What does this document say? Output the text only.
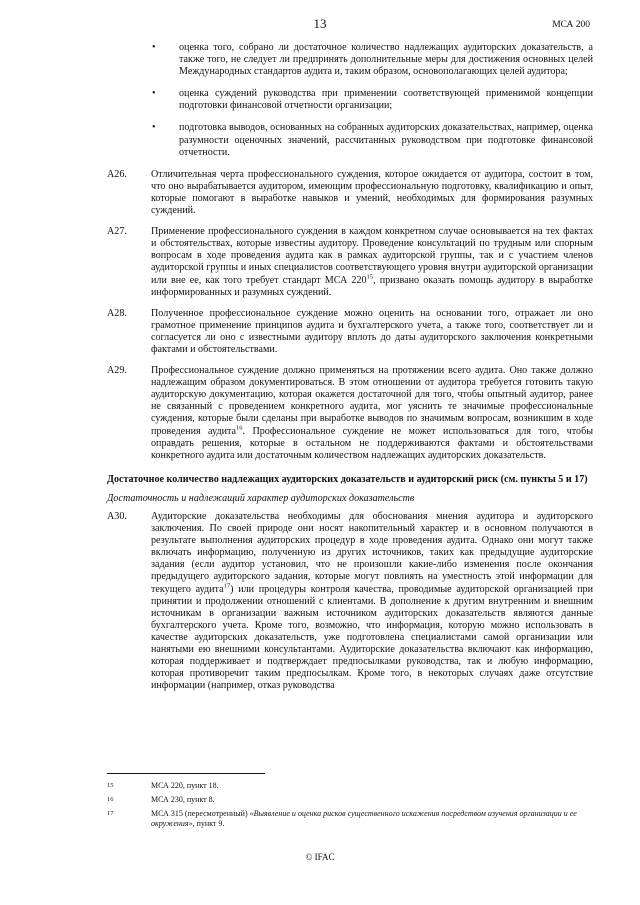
13	МСА 200
• оценка того, собрано ли достаточное количество надлежащих аудиторских доказательств, а также того, не следует ли предпринять дополнительные меры для достижения основных целей Международных стандартов аудита и, таким образом, основополагающих целей аудитора;
• оценка суждений руководства при применении соответствующей применимой концепции подготовки финансовой отчетности организации;
• подготовка выводов, основанных на собранных аудиторских доказательствах, например, оценка разумности оценочных значений, рассчитанных руководством при подготовке финансовой отчетности.
A26. Отличительная черта профессионального суждения, которое ожидается от аудитора, состоит в том, что оно вырабатывается аудитором, имеющим профессиональную подготовку, квалификацию и опыт, которые помогают в выработке навыков и умений, необходимых для формирования разумных суждений.
A27. Применение профессионального суждения в каждом конкретном случае основывается на тех фактах и обстоятельствах, которые известны аудитору. Проведение консультаций по трудным или спорным вопросам в ходе проведения аудита как в рамках аудиторской группы, так и с участием членов аудиторской группы и иных специалистов соответствующего уровня внутри аудиторской организации или вне ее, как того требует стандарт МСА $220^{15}$, призвано оказать помощь аудитору в выработке информированных и разумных суждений.
A28. Полученное профессиональное суждение можно оценить на основании того, отражает ли оно грамотное применение принципов аудита и бухгалтерского учета, а также того, соответствует ли и согласуется ли оно с известными аудитору вплоть до даты аудиторского заключения конкретными фактами и обстоятельствами.
A29. Профессиональное суждение должно применяться на протяжении всего аудита. Оно также должно надлежащим образом документироваться. В этом отношении от аудитора требуется готовить такую аудиторскую документацию, которая окажется достаточной для того, чтобы опытный аудитор, ранее не связанный с проведением конкретного аудита, мог уяснить те значимые профессиональные суждения, которые были сделаны при выработке выводов по значимым вопросам, возникшим в ходе проведения аудита$^{16}$. Профессиональное суждение не может использоваться для того, чтобы оправдать решения, которые в остальном не поддерживаются фактами и обстоятельствами конкретного аудита или достаточным количеством надлежащих аудиторских доказательств.
Достаточное количество надлежащих аудиторских доказательств и аудиторский риск (см. пункты 5 и 17)
Достаточность и надлежащий характер аудиторских доказательств
A30. Аудиторские доказательства необходимы для обоснования мнения аудитора и аудиторского заключения. По своей природе они носят накопительный характер и в основном получаются в результате выполнения аудиторских процедур в ходе проведения аудита. Однако они могут также включать информацию, полученную из других источников, таких как предыдущие аудиторские задания (если аудитор установил, что не произошли какие-либо изменения после окончания предыдущего аудиторского задания, которые могут повлиять на уместность этой информации для текущего аудита$^{17}$) или процедуры контроля качества, проводимые аудиторской организацией при принятии и продолжении отношений с клиентами. В дополнение к другим внутренним и внешним источникам в организации важным источником аудиторских доказательств являются данные бухгалтерского учета. Кроме того, возможно, что информация, которую можно использовать в качестве аудиторских доказательств, уже подготовлена специалистами самой организации или нанятыми ею внешними консультантами. Аудиторские доказательства включают как информацию, которая поддерживает и подтверждает предпосылками руководства, так и любую информацию, которая противоречит таким предпосылкам. Кроме того, в некоторых случаях даже отсутствие информации (например, отказ руководства
15	МСА 220, пункт 18.
16	МСА 230, пункт 8.
17	МСА 315 (пересмотренный) «Выявление и оценка рисков существенного искажения посредством изучения организации и ее окружения», пункт 9.
© IFAC
